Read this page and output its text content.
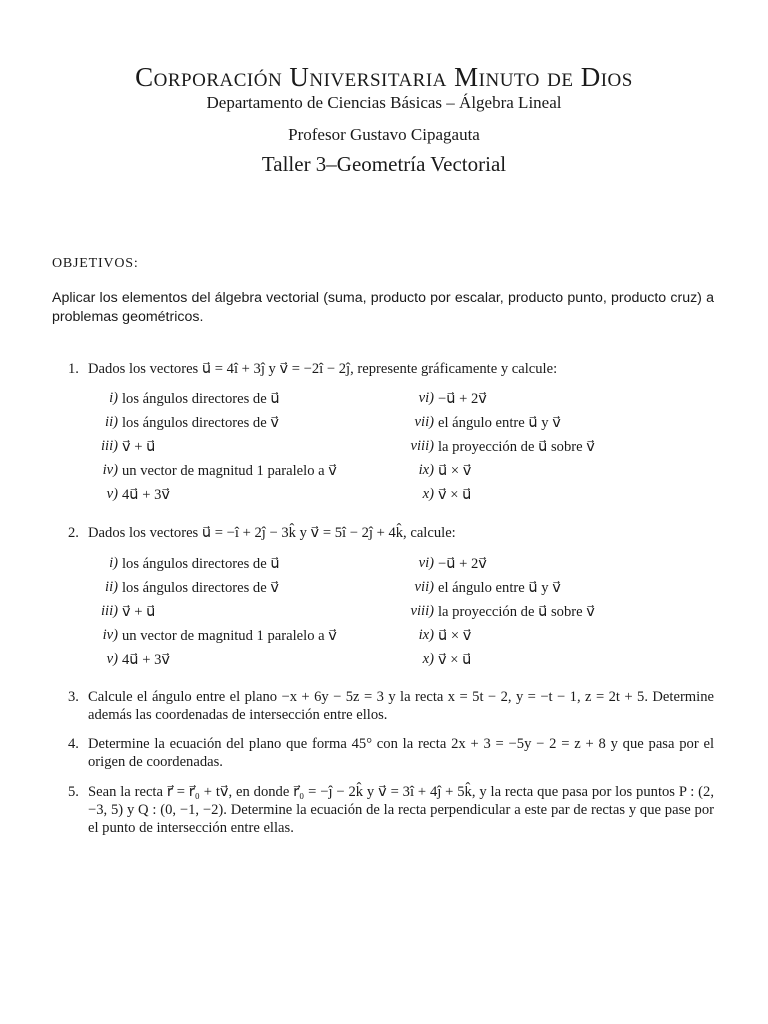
Corporación Universitaria Minuto de Dios
Departamento de Ciencias Básicas – Álgebra Lineal
Profesor Gustavo Cipagauta
Taller 3–Geometría Vectorial
OBJETIVOS:
Aplicar los elementos del álgebra vectorial (suma, producto por escalar, producto punto, producto cruz) a problemas geométricos.
1. Dados los vectores u⃗ = 4î + 3ĵ y v⃗ = −2î − 2ĵ, represente gráficamente y calcule:
i) los ángulos directores de u⃗
ii) los ángulos directores de v⃗
iii) v⃗ + u⃗
iv) un vector de magnitud 1 paralelo a v⃗
v) 4u⃗ + 3v⃗
vi) −u⃗ + 2v⃗
vii) el ángulo entre u⃗ y v⃗
viii) la proyección de u⃗ sobre v⃗
ix) u⃗ × v⃗
x) v⃗ × u⃗
2. Dados los vectores u⃗ = −î + 2ĵ − 3k̂ y v⃗ = 5î − 2ĵ + 4k̂, calcule:
i) los ángulos directores de u⃗
ii) los ángulos directores de v⃗
iii) v⃗ + u⃗
iv) un vector de magnitud 1 paralelo a v⃗
v) 4u⃗ + 3v⃗
vi) −u⃗ + 2v⃗
vii) el ángulo entre u⃗ y v⃗
viii) la proyección de u⃗ sobre v⃗
ix) u⃗ × v⃗
x) v⃗ × u⃗
3. Calcule el ángulo entre el plano −x + 6y − 5z = 3 y la recta x = 5t − 2, y = −t − 1, z = 2t + 5. Determine además las coordenadas de intersección entre ellos.
4. Determine la ecuación del plano que forma 45° con la recta 2x + 3 = −5y − 2 = z + 8 y que pasa por el origen de coordenadas.
5. Sean la recta r⃗ = r⃗₀ + tv⃗, en donde r⃗₀ = −ĵ − 2k̂ y v⃗ = 3î + 4ĵ + 5k̂, y la recta que pasa por los puntos P : (2, −3, 5) y Q : (0, −1, −2). Determine la ecuación de la recta perpendicular a este par de rectas y que pase por el punto de intersección entre ellas.
